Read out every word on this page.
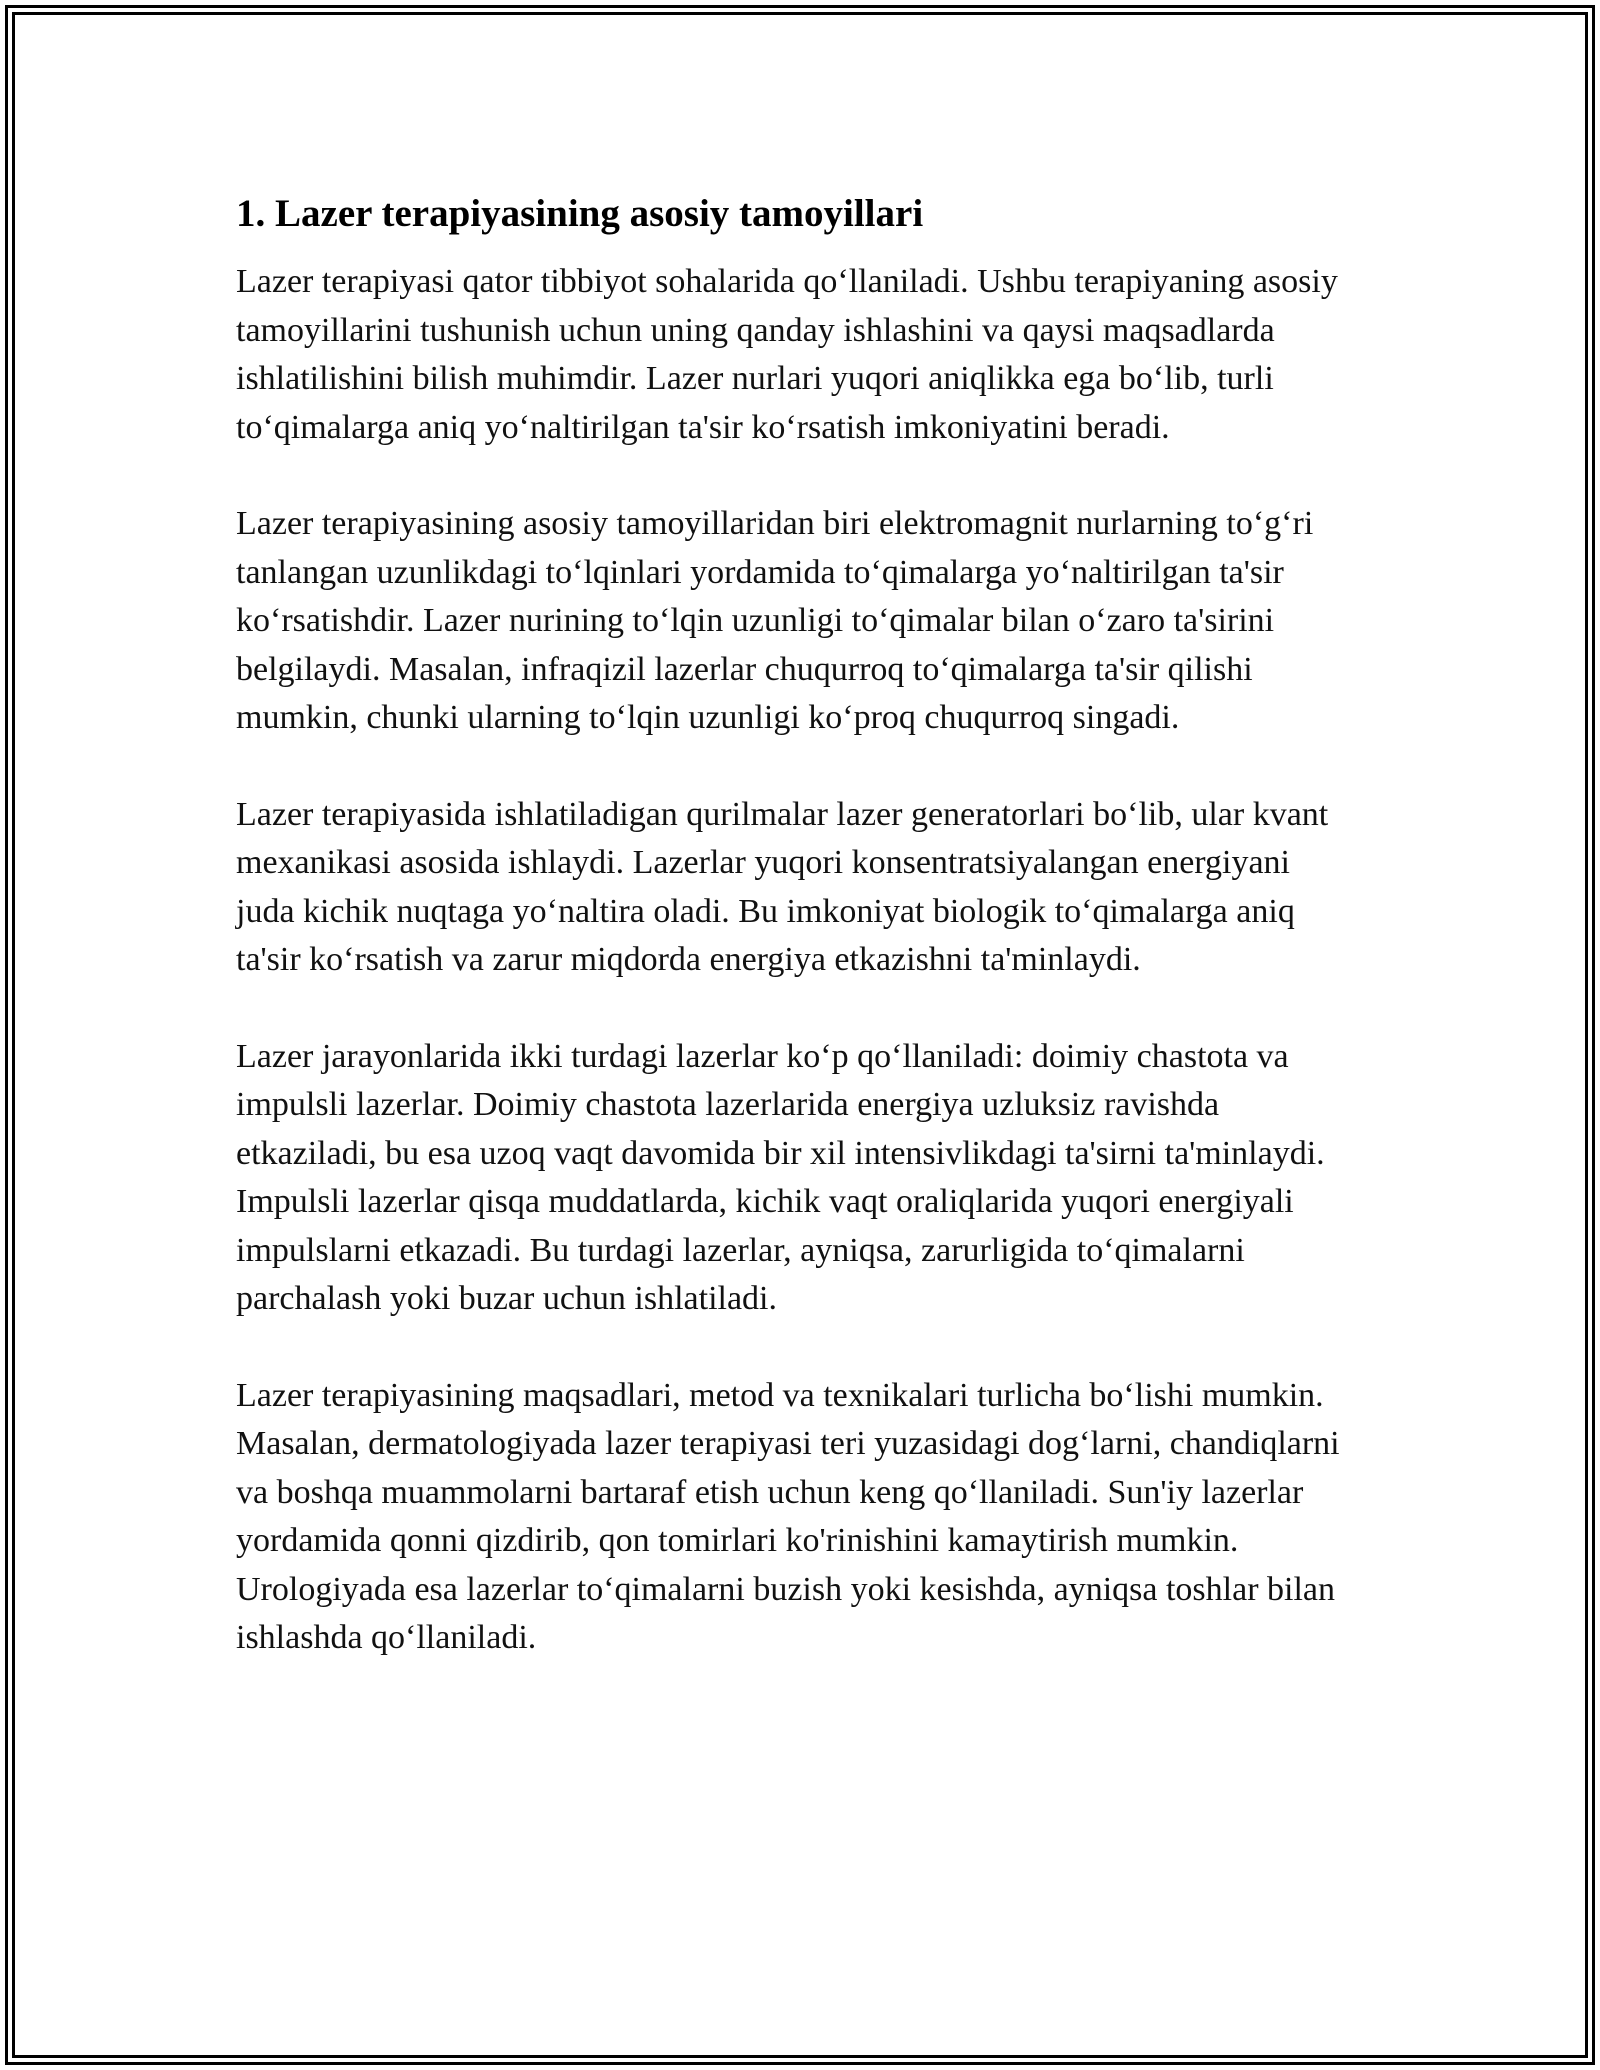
1. Lazer terapiyasining asosiy tamoyillari

Lazer terapiyasi qator tibbiyot sohalarida qo‘llaniladi. Ushbu terapiyaning asosiy tamoyillarini tushunish uchun uning qanday ishlashini va qaysi maqsadlarda ishlatilishini bilish muhimdir. Lazer nurlari yuqori aniqlikka ega bo‘lib, turli to‘qimalarga aniq yo‘naltirilgan ta'sir ko‘rsatish imkoniyatini beradi.

Lazer terapiyasining asosiy tamoyillaridan biri elektromagnit nurlarning to‘g‘ri tanlangan uzunlikdagi to‘lqinlari yordamida to‘qimalarga yo‘naltirilgan ta'sir ko‘rsatishdir. Lazer nurining to‘lqin uzunligi to‘qimalar bilan o‘zaro ta'sirini belgilaydi. Masalan, infraqizil lazerlar chuqurroq to‘qimalarga ta'sir qilishi mumkin, chunki ularning to‘lqin uzunligi ko‘proq chuqurroq singadi.

Lazer terapiyasida ishlatiladigan qurilmalar lazer generatorlari bo‘lib, ular kvant mexanikasi asosida ishlaydi. Lazerlar yuqori konsentratsiyalangan energiyani juda kichik nuqtaga yo‘naltira oladi. Bu imkoniyat biologik to‘qimalarga aniq ta'sir ko‘rsatish va zarur miqdorda energiya etkazishni ta'minlaydi.

Lazer jarayonlarida ikki turdagi lazerlar ko‘p qo‘llaniladi: doimiy chastota va impulsli lazerlar. Doimiy chastota lazerlarida energiya uzluksiz ravishda etkaziladi, bu esa uzoq vaqt davomida bir xil intensivlikdagi ta'sirni ta'minlaydi. Impulsli lazerlar qisqa muddatlarda, kichik vaqt oraliqlarida yuqori energiyali impulslarni etkazadi. Bu turdagi lazerlar, ayniqsa, zarurligida to‘qimalarni parchalash yoki buzar uchun ishlatiladi.

Lazer terapiyasining maqsadlari, metod va texnikalari turlicha bo‘lishi mumkin. Masalan, dermatologiyada lazer terapiyasi teri yuzasidagi dog‘larni, chandiqlarni va boshqa muammolarni bartaraf etish uchun keng qo‘llaniladi. Sun'iy lazerlar yordamida qonni qizdirib, qon tomirlari ko'rinishini kamaytirish mumkin. Urologiyada esa lazerlar to‘qimalarni buzish yoki kesishda, ayniqsa toshlar bilan ishlashda qo‘llaniladi.
